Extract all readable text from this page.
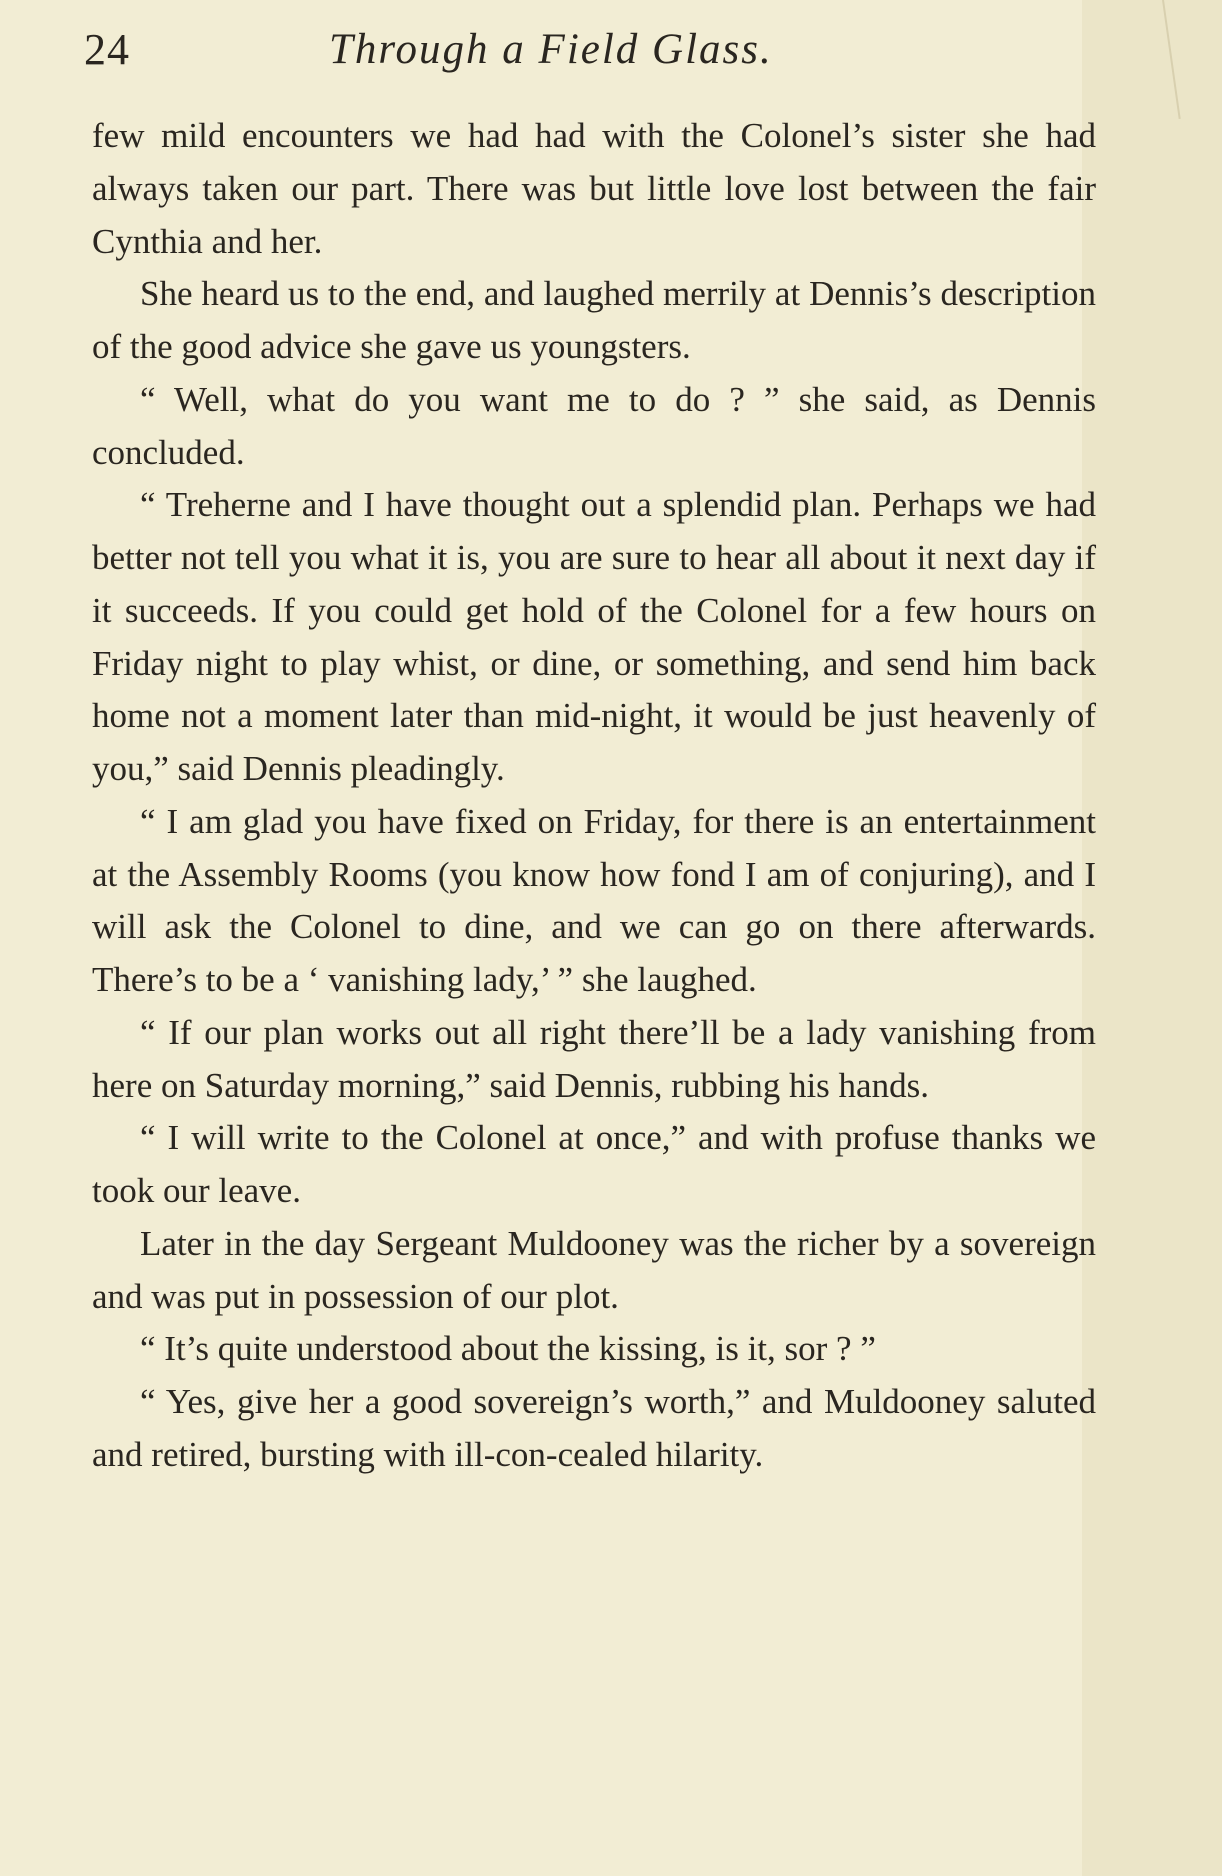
24	Through a Field Glass.

few mild encounters we had had with the Colonel’s sister she had always taken our part. There was but little love lost between the fair Cynthia and her.

She heard us to the end, and laughed merrily at Dennis’s description of the good advice she gave us youngsters.

“ Well, what do you want me to do ? ” she said, as Dennis concluded.

“ Treherne and I have thought out a splendid plan. Perhaps we had better not tell you what it is, you are sure to hear all about it next day if it succeeds. If you could get hold of the Colonel for a few hours on Friday night to play whist, or dine, or something, and send him back home not a moment later than mid-night, it would be just heavenly of you,” said Dennis pleadingly.

“ I am glad you have fixed on Friday, for there is an entertainment at the Assembly Rooms (you know how fond I am of conjuring), and I will ask the Colonel to dine, and we can go on there afterwards. There’s to be a ‘ vanishing lady,’ ” she laughed.

“ If our plan works out all right there’ll be a lady vanishing from here on Saturday morning,” said Dennis, rubbing his hands.

“ I will write to the Colonel at once,” and with profuse thanks we took our leave.

Later in the day Sergeant Muldooney was the richer by a sovereign and was put in possession of our plot.

“ It’s quite understood about the kissing, is it, sor ? ”

“ Yes, give her a good sovereign’s worth,” and Muldooney saluted and retired, bursting with ill-con-cealed hilarity.
